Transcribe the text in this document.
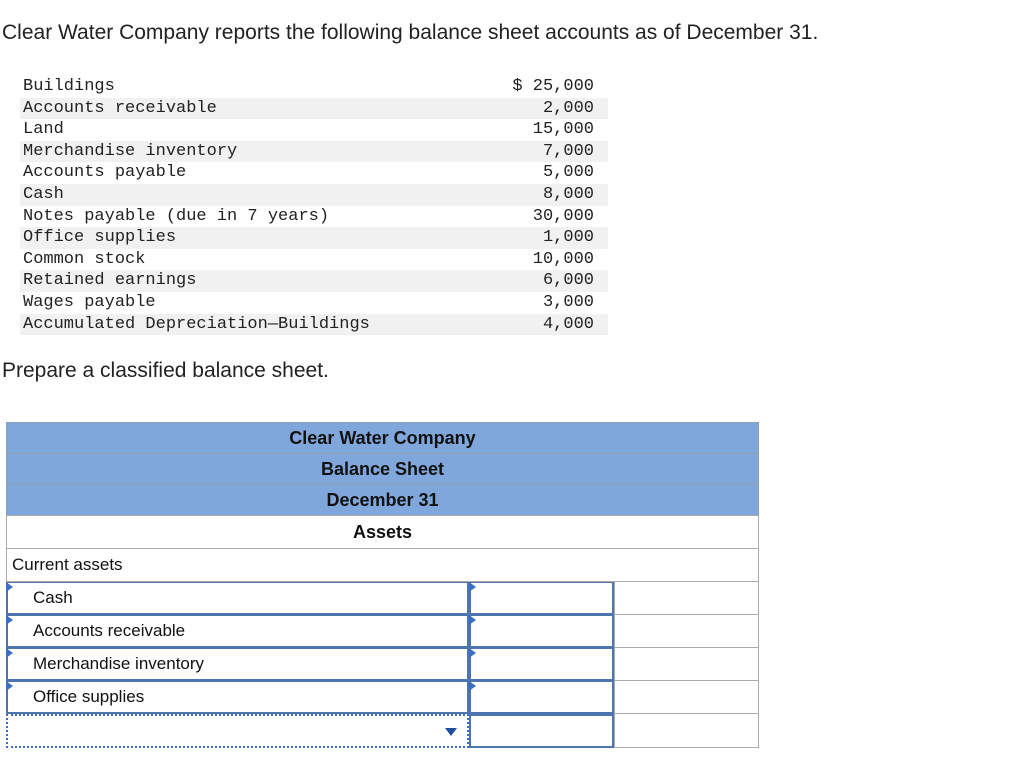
Clear Water Company reports the following balance sheet accounts as of December 31.

Buildings	$ 25,000
Accounts receivable	2,000
Land	15,000
Merchandise inventory	7,000
Accounts payable	5,000
Cash	8,000
Notes payable (due in 7 years)	30,000
Office supplies	1,000
Common stock	10,000
Retained earnings	6,000
Wages payable	3,000
Accumulated Depreciation—Buildings	4,000

Prepare a classified balance sheet.

Clear Water Company
Balance Sheet
December 31
Assets
Current assets
Cash
Accounts receivable
Merchandise inventory
Office supplies
